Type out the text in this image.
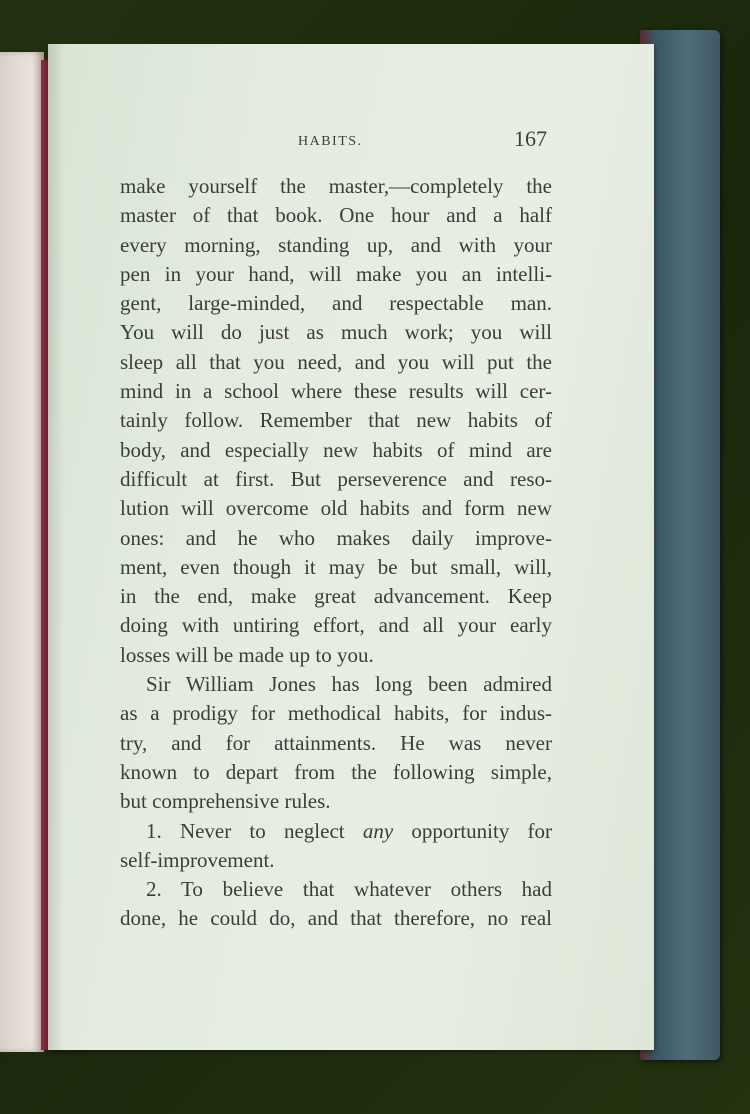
HABITS.	167
make yourself the master,—completely the
master of that book. One hour and a half
every morning, standing up, and with your
pen in your hand, will make you an intelli-
gent, large-minded, and respectable man.
You will do just as much work; you will
sleep all that you need, and you will put the
mind in a school where these results will cer-
tainly follow. Remember that new habits of
body, and especially new habits of mind are
difficult at first. But perseverence and reso-
lution will overcome old habits and form new
ones: and he who makes daily improve-
ment, even though it may be but small, will,
in the end, make great advancement. Keep
doing with untiring effort, and all your early
losses will be made up to you.
Sir William Jones has long been admired
as a prodigy for methodical habits, for indus-
try, and for attainments. He was never
known to depart from the following simple,
but comprehensive rules.
1. Never to neglect any opportunity for
self-improvement.
2. To believe that whatever others had
done, he could do, and that therefore, no real
